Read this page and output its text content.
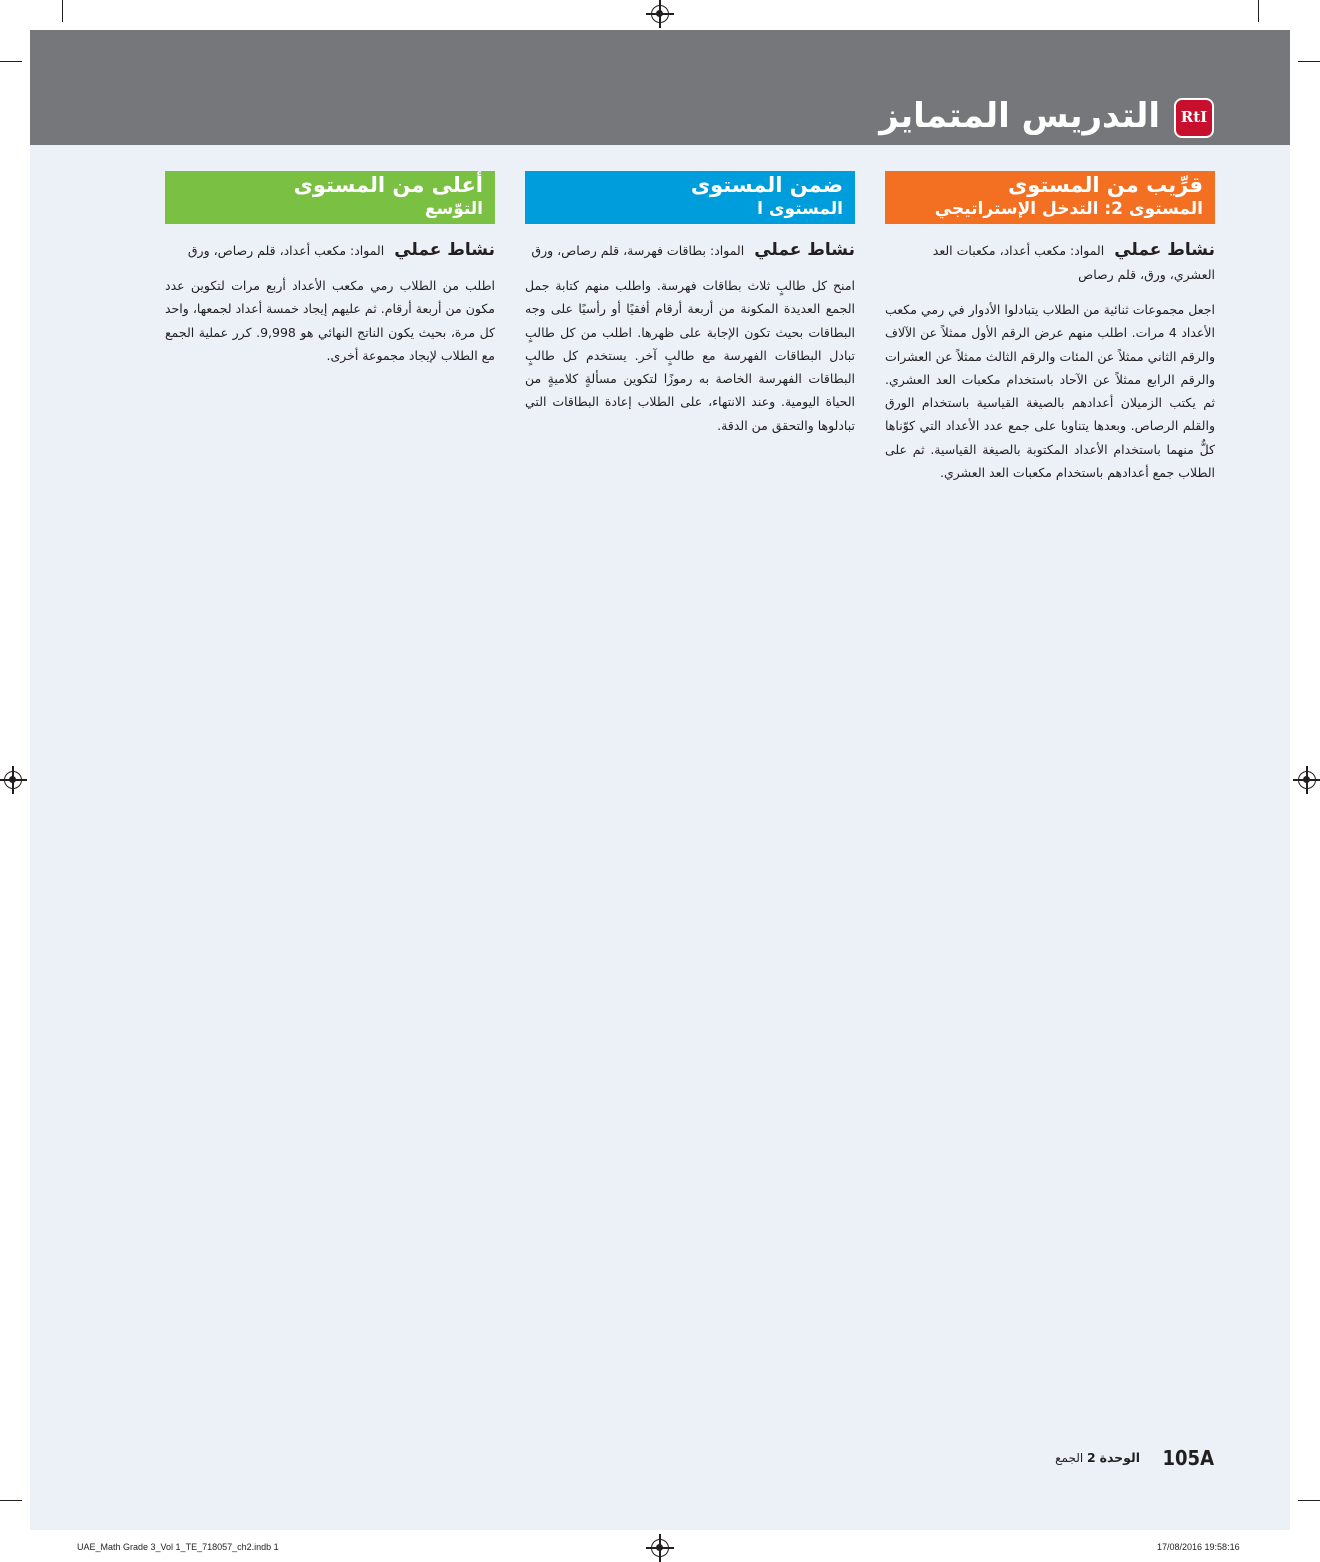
التدريس المتمايز	RtI
قرِّيب من المستوى
المستوى 2: التدخل الإستراتيجي
نشاط عملي المواد: مكعب أعداد، مكعبات العد العشري، ورق، قلم رصاص
اجعل مجموعات ثنائية من الطلاب يتبادلوا الأدوار في رمي مكعب الأعداد 4 مرات. اطلب منهم عرض الرقم الأول ممثلاً عن الآلاف والرقم الثاني ممثلاً عن المئات والرقم الثالث ممثلاً عن العشرات والرقم الرابع ممثلاً عن الآحاد باستخدام مكعبات العد العشري. ثم يكتب الزميلان أعدادهم بالصيغة القياسية باستخدام الورق والقلم الرصاص. وبعدها يتناوبا على جمع عدد الأعداد التي كوّناها كلٌّ منهما باستخدام الأعداد المكتوبة بالصيغة القياسية. ثم على الطلاب جمع أعدادهم باستخدام مكعبات العد العشري.
ضمن المستوى
المستوى ا
نشاط عملي المواد: بطاقات فهرسة، قلم رصاص، ورق
امنح كل طالبٍ ثلاث بطاقات فهرسة. واطلب منهم كتابة جمل الجمع العديدة المكونة من أربعة أرقام أفقيًا أو رأسيًا على وجه البطاقات بحيث تكون الإجابة على ظهرها. اطلب من كل طالبٍ تبادل البطاقات الفهرسة مع طالبٍ آخر. يستخدم كل طالبٍ البطاقات الفهرسة الخاصة به رموزًا لتكوين مسألةٍ كلاميةٍ من الحياة اليومية. وعند الانتهاء، على الطلاب إعادة البطاقات التي تبادلوها والتحقق من الدقة.
أعلى من المستوى
التوّسع
نشاط عملي المواد: مكعب أعداد، قلم رصاص، ورق
اطلب من الطلاب رمي مكعب الأعداد أربع مرات لتكوين عدد مكون من أربعة أرقام. ثم عليهم إيجاد خمسة أعداد لجمعها، واحد كل مرة، بحيث يكون الناتج النهائي هو 9,998. كرر عملية الجمع مع الطلاب لإيجاد مجموعة أخرى.
105A
الوحدة 2 الجمع
UAE_Math Grade 3_Vol 1_TE_718057_ch2.indb 1	17/08/2016 19:58:16
